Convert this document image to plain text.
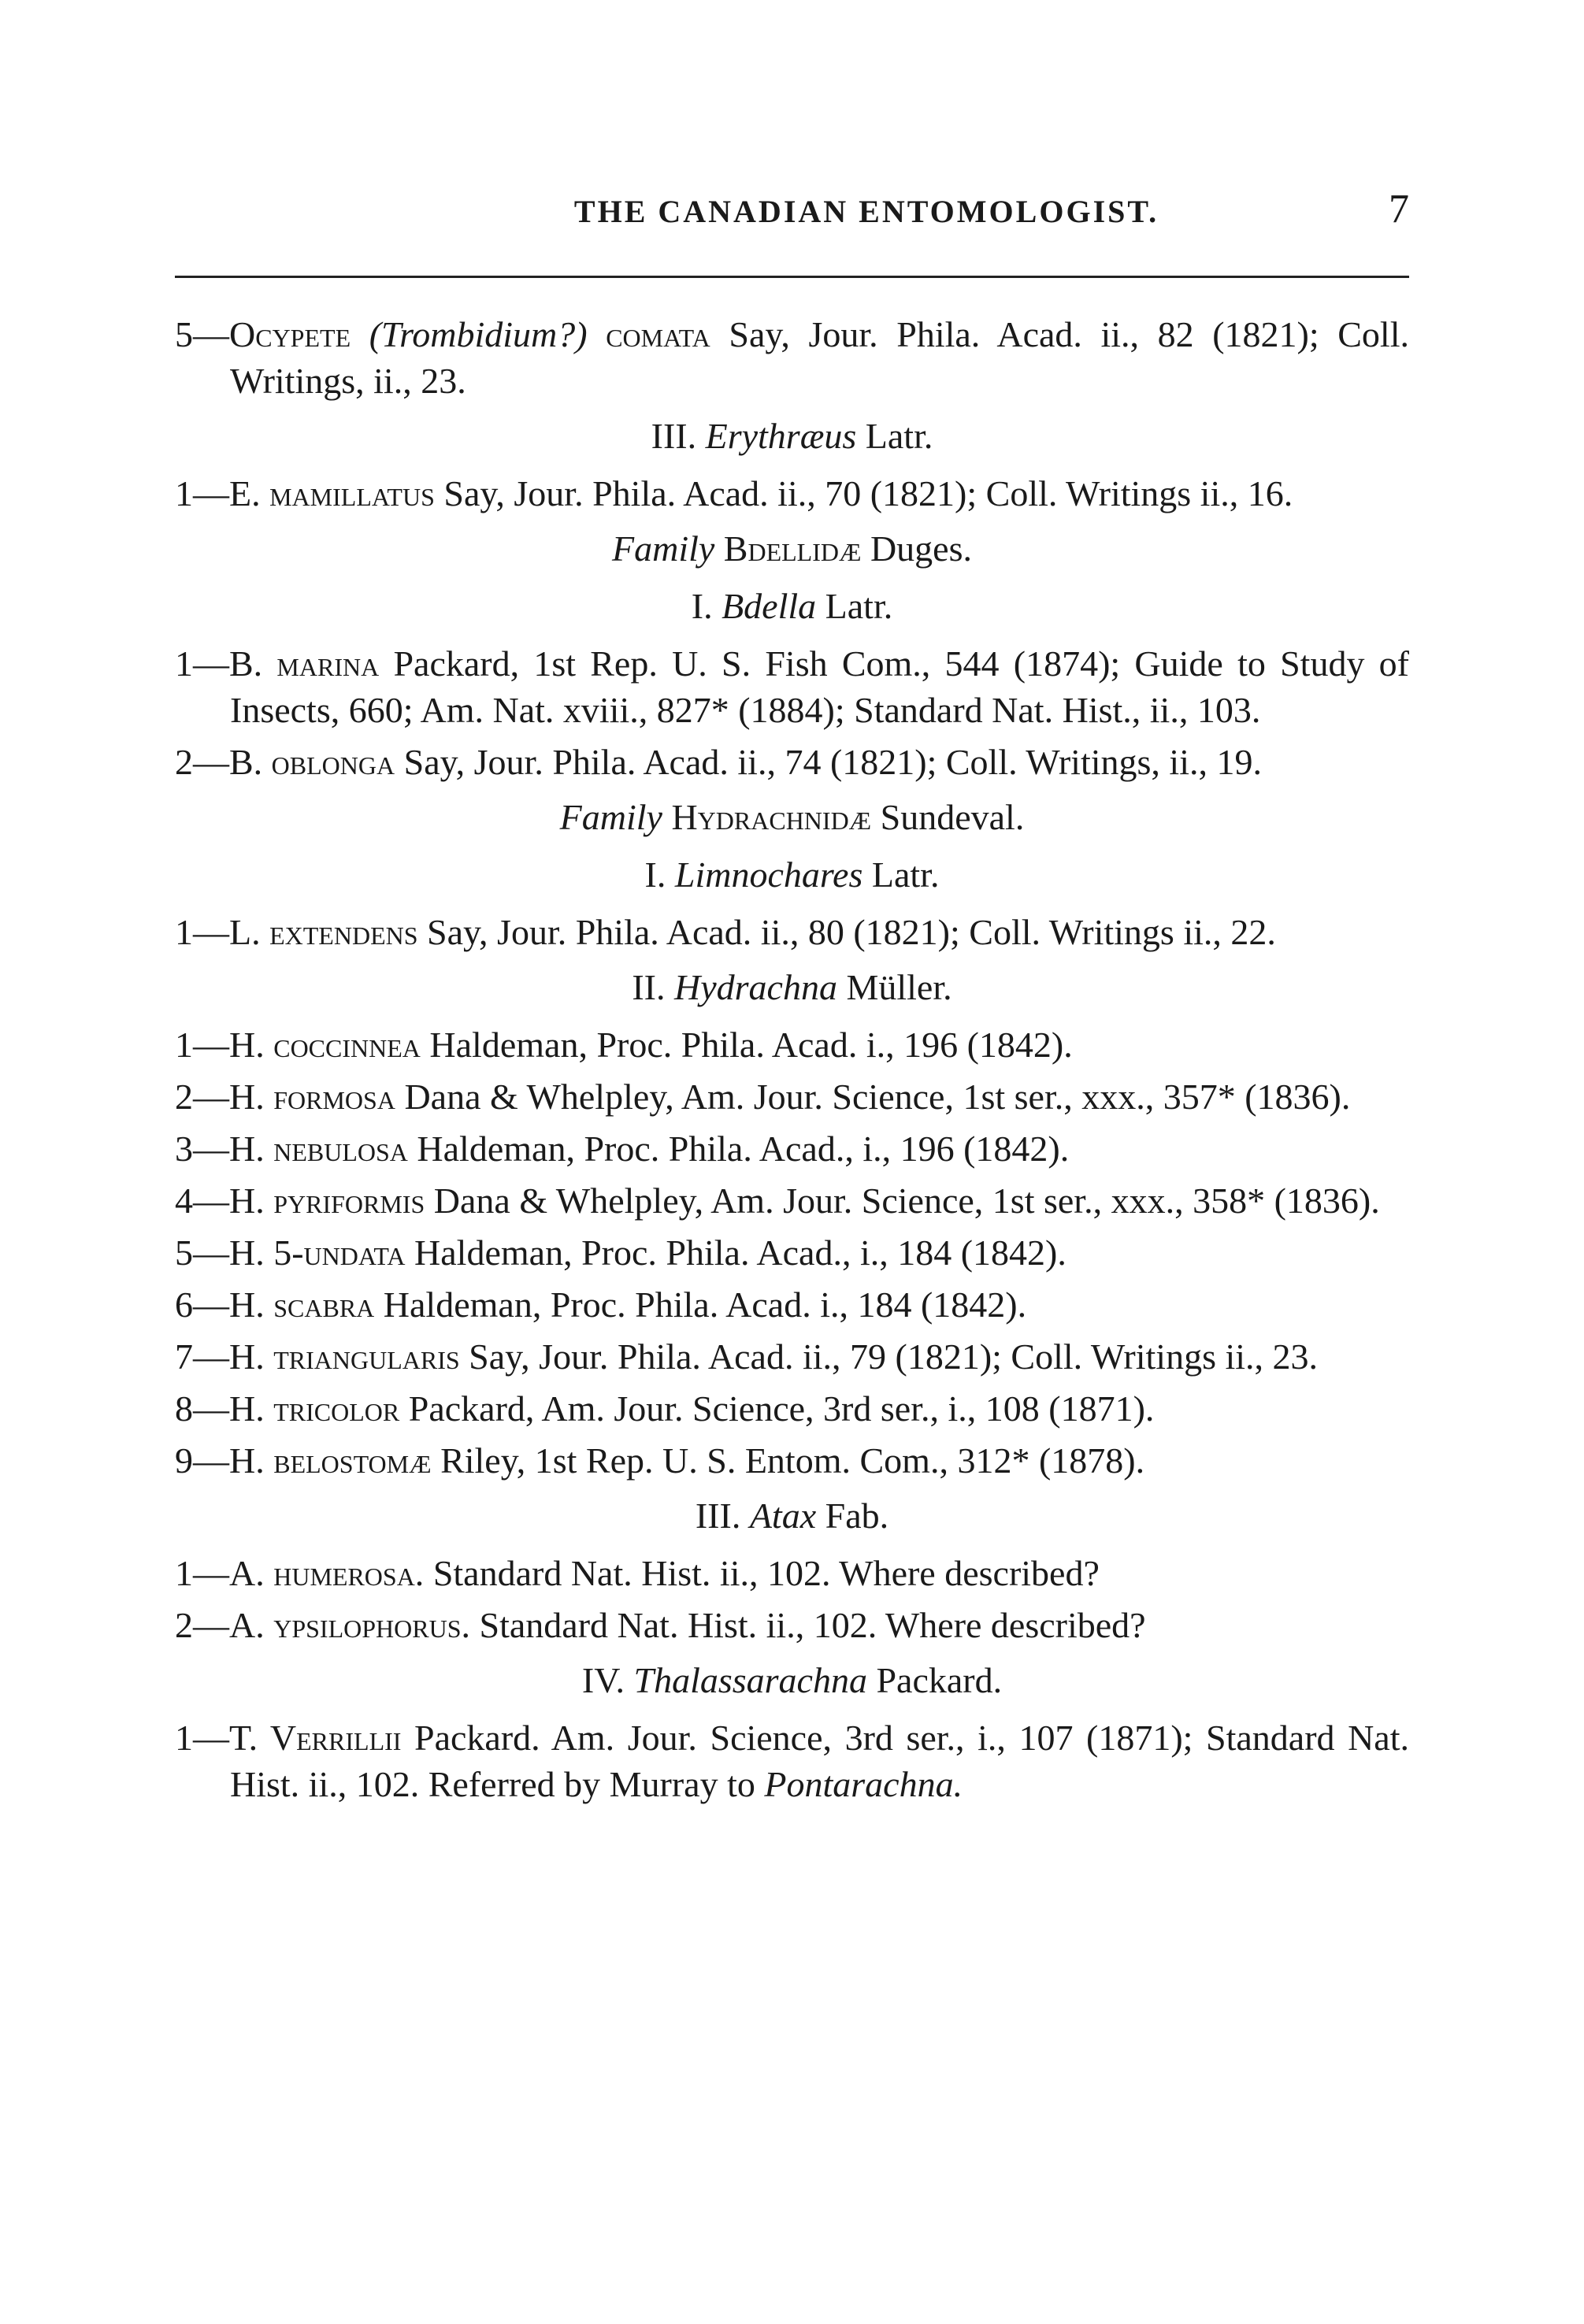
THE CANADIAN ENTOMOLOGIST.	7
5—Ocypete (Trombidium?) comata Say, Jour. Phila. Acad. ii., 82 (1821); Coll. Writings, ii., 23.
III. Erythræus Latr.
1—E. mamillatus Say, Jour. Phila. Acad. ii., 70 (1821); Coll. Writings ii., 16.
Family Bdellidæ Duges.
I. Bdella Latr.
1—B. marina Packard, 1st Rep. U. S. Fish Com., 544 (1874); Guide to Study of Insects, 660; Am. Nat. xviii., 827* (1884); Standard Nat. Hist., ii., 103.
2—B. oblonga Say, Jour. Phila. Acad. ii., 74 (1821); Coll. Writings, ii., 19.
Family Hydrachnidæ Sundeval.
I. Limnochares Latr.
1—L. extendens Say, Jour. Phila. Acad. ii., 80 (1821); Coll. Writings ii., 22.
II. Hydrachna Müller.
1—H. coccinnea Haldeman, Proc. Phila. Acad. i., 196 (1842).
2—H. formosa Dana & Whelpley, Am. Jour. Science, 1st ser., xxx., 357* (1836).
3—H. nebulosa Haldeman, Proc. Phila. Acad., i., 196 (1842).
4—H. pyriformis Dana & Whelpley, Am. Jour. Science, 1st ser., xxx., 358* (1836).
5—H. 5-undata Haldeman, Proc. Phila. Acad., i., 184 (1842).
6—H. scabra Haldeman, Proc. Phila. Acad. i., 184 (1842).
7—H. triangularis Say, Jour. Phila. Acad. ii., 79 (1821); Coll. Writings ii., 23.
8—H. tricolor Packard, Am. Jour. Science, 3rd ser., i., 108 (1871).
9—H. belostomæ Riley, 1st Rep. U. S. Entom. Com., 312* (1878).
III. Atax Fab.
1—A. humerosa. Standard Nat. Hist. ii., 102. Where described?
2—A. ypsilophorus. Standard Nat. Hist. ii., 102. Where described?
IV. Thalassarachna Packard.
1—T. Verrillii Packard. Am. Jour. Science, 3rd ser., i., 107 (1871); Standard Nat. Hist. ii., 102. Referred by Murray to Pontarachna.
